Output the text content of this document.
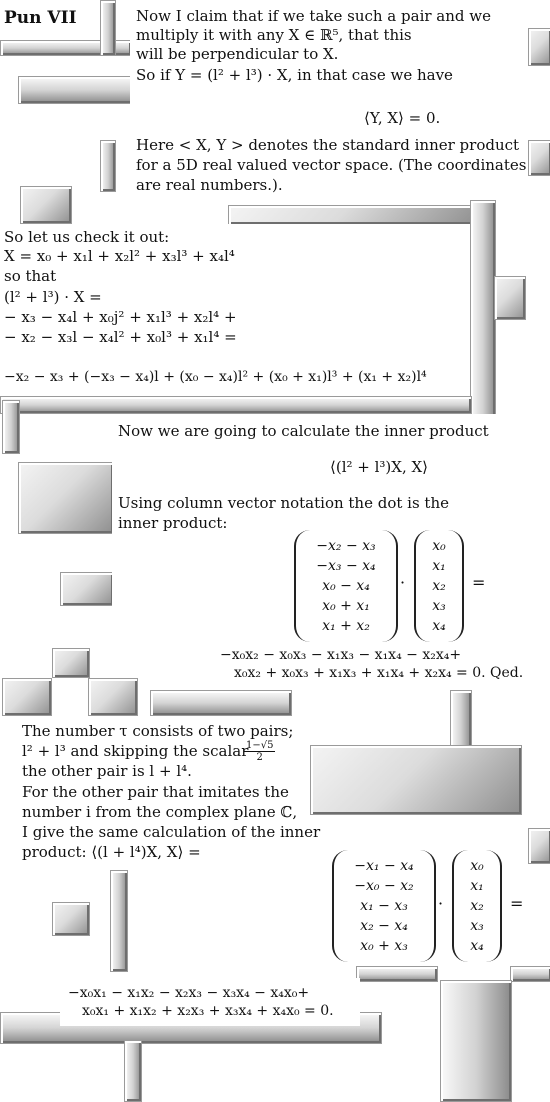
Pun VII	Now I claim that if we take such a pair and we
multiply it with any X ∈ ℝ⁵, that this
will be perpendicular to X.
So if Y = (l² + l³) · X, in that case we have
⟨Y, X⟩ = 0.
Here < X, Y > denotes the standard inner product
for a 5D real valued vector space. (The coordinates
are real numbers.).
So let us check it out:
X = x₀ + x₁l + x₂l² + x₃l³ + x₄l⁴
so that
(l² + l³) · X =
− x₃ − x₄l + x₀j² + x₁l³ + x₂l⁴ +
− x₂ − x₃l − x₄l² + x₀l³ + x₁l⁴ =
−x₂ − x₃ + (−x₃ − x₄)l + (x₀ − x₄)l² + (x₀ + x₁)l³ + (x₁ + x₂)l⁴
Now we are going to calculate the inner product
⟨(l² + l³)X, X⟩
Using column vector notation the dot is the
inner product:
−x₂ − x₃
−x₃ − x₄
x₀ − x₄
x₀ + x₁
x₁ + x₂
·
x₀
x₁
x₂
x₃
x₄
=
−x₀x₂ − x₀x₃ − x₁x₃ − x₁x₄ − x₂x₄+
x₀x₂ + x₀x₃ + x₁x₃ + x₁x₄ + x₂x₄ = 0. Qed.
The number τ consists of two pairs;
l² + l³ and skipping the scalar
$\frac{1-√5}{2}$
the other pair is l + l⁴.
For the other pair that imitates the
number i from the complex plane ℂ,
I give the same calculation of the inner
product: ⟨(l + l⁴)X, X⟩ =
−x₁ − x₄
−x₀ − x₂
x₁ − x₃
x₂ − x₄
x₀ + x₃
·
x₀
x₁
x₂
x₃
x₄
=
−x₀x₁ − x₁x₂ − x₂x₃ − x₃x₄ − x₄x₀+
x₀x₁ + x₁x₂ + x₂x₃ + x₃x₄ + x₄x₀ = 0.
